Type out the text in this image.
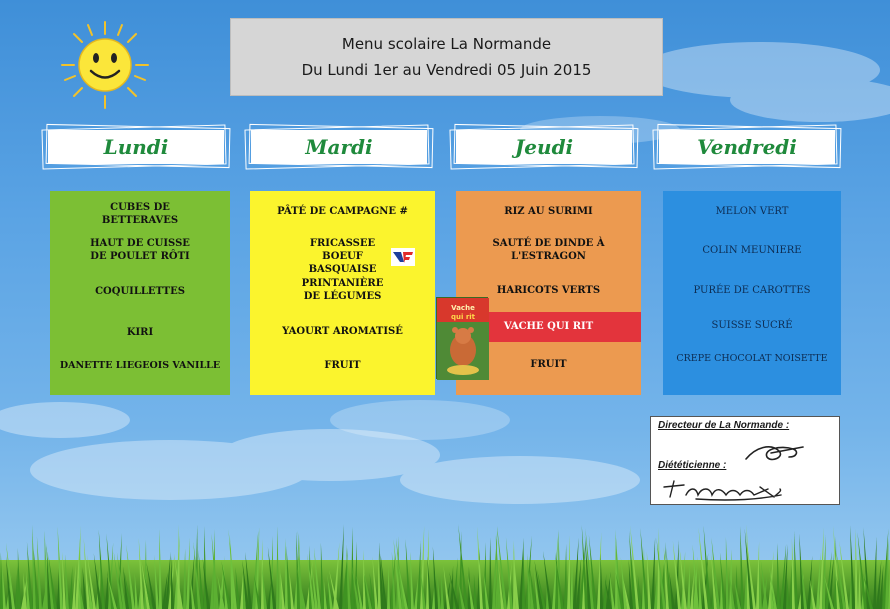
Menu scolaire La Normande
Du Lundi 1er au Vendredi 05 Juin 2015
Lundi	Mardi	Jeudi	Vendredi
CUBES DE BETTERAVES
HAUT DE CUISSE DE POULET RÔTI
COQUILLETTES
KIRI
DANETTE LIEGEOIS VANILLE
PÂTÉ DE CAMPAGNE #
FRICASSEE BOEUF BASQUAISE
PRINTANIÈRE DE LÉGUMES
YAOURT AROMATISÉ
FRUIT
RIZ AU SURIMI
SAUTÉ DE DINDE À L'ESTRAGON
HARICOTS VERTS
VACHE QUI RIT
FRUIT
Vache
qui rit
MELON VERT
COLIN MEUNIERE
PURÉE DE CAROTTES
SUISSE SUCRÉ
CREPE CHOCOLAT NOISETTE
Directeur de La Normande :
Diététicienne :
